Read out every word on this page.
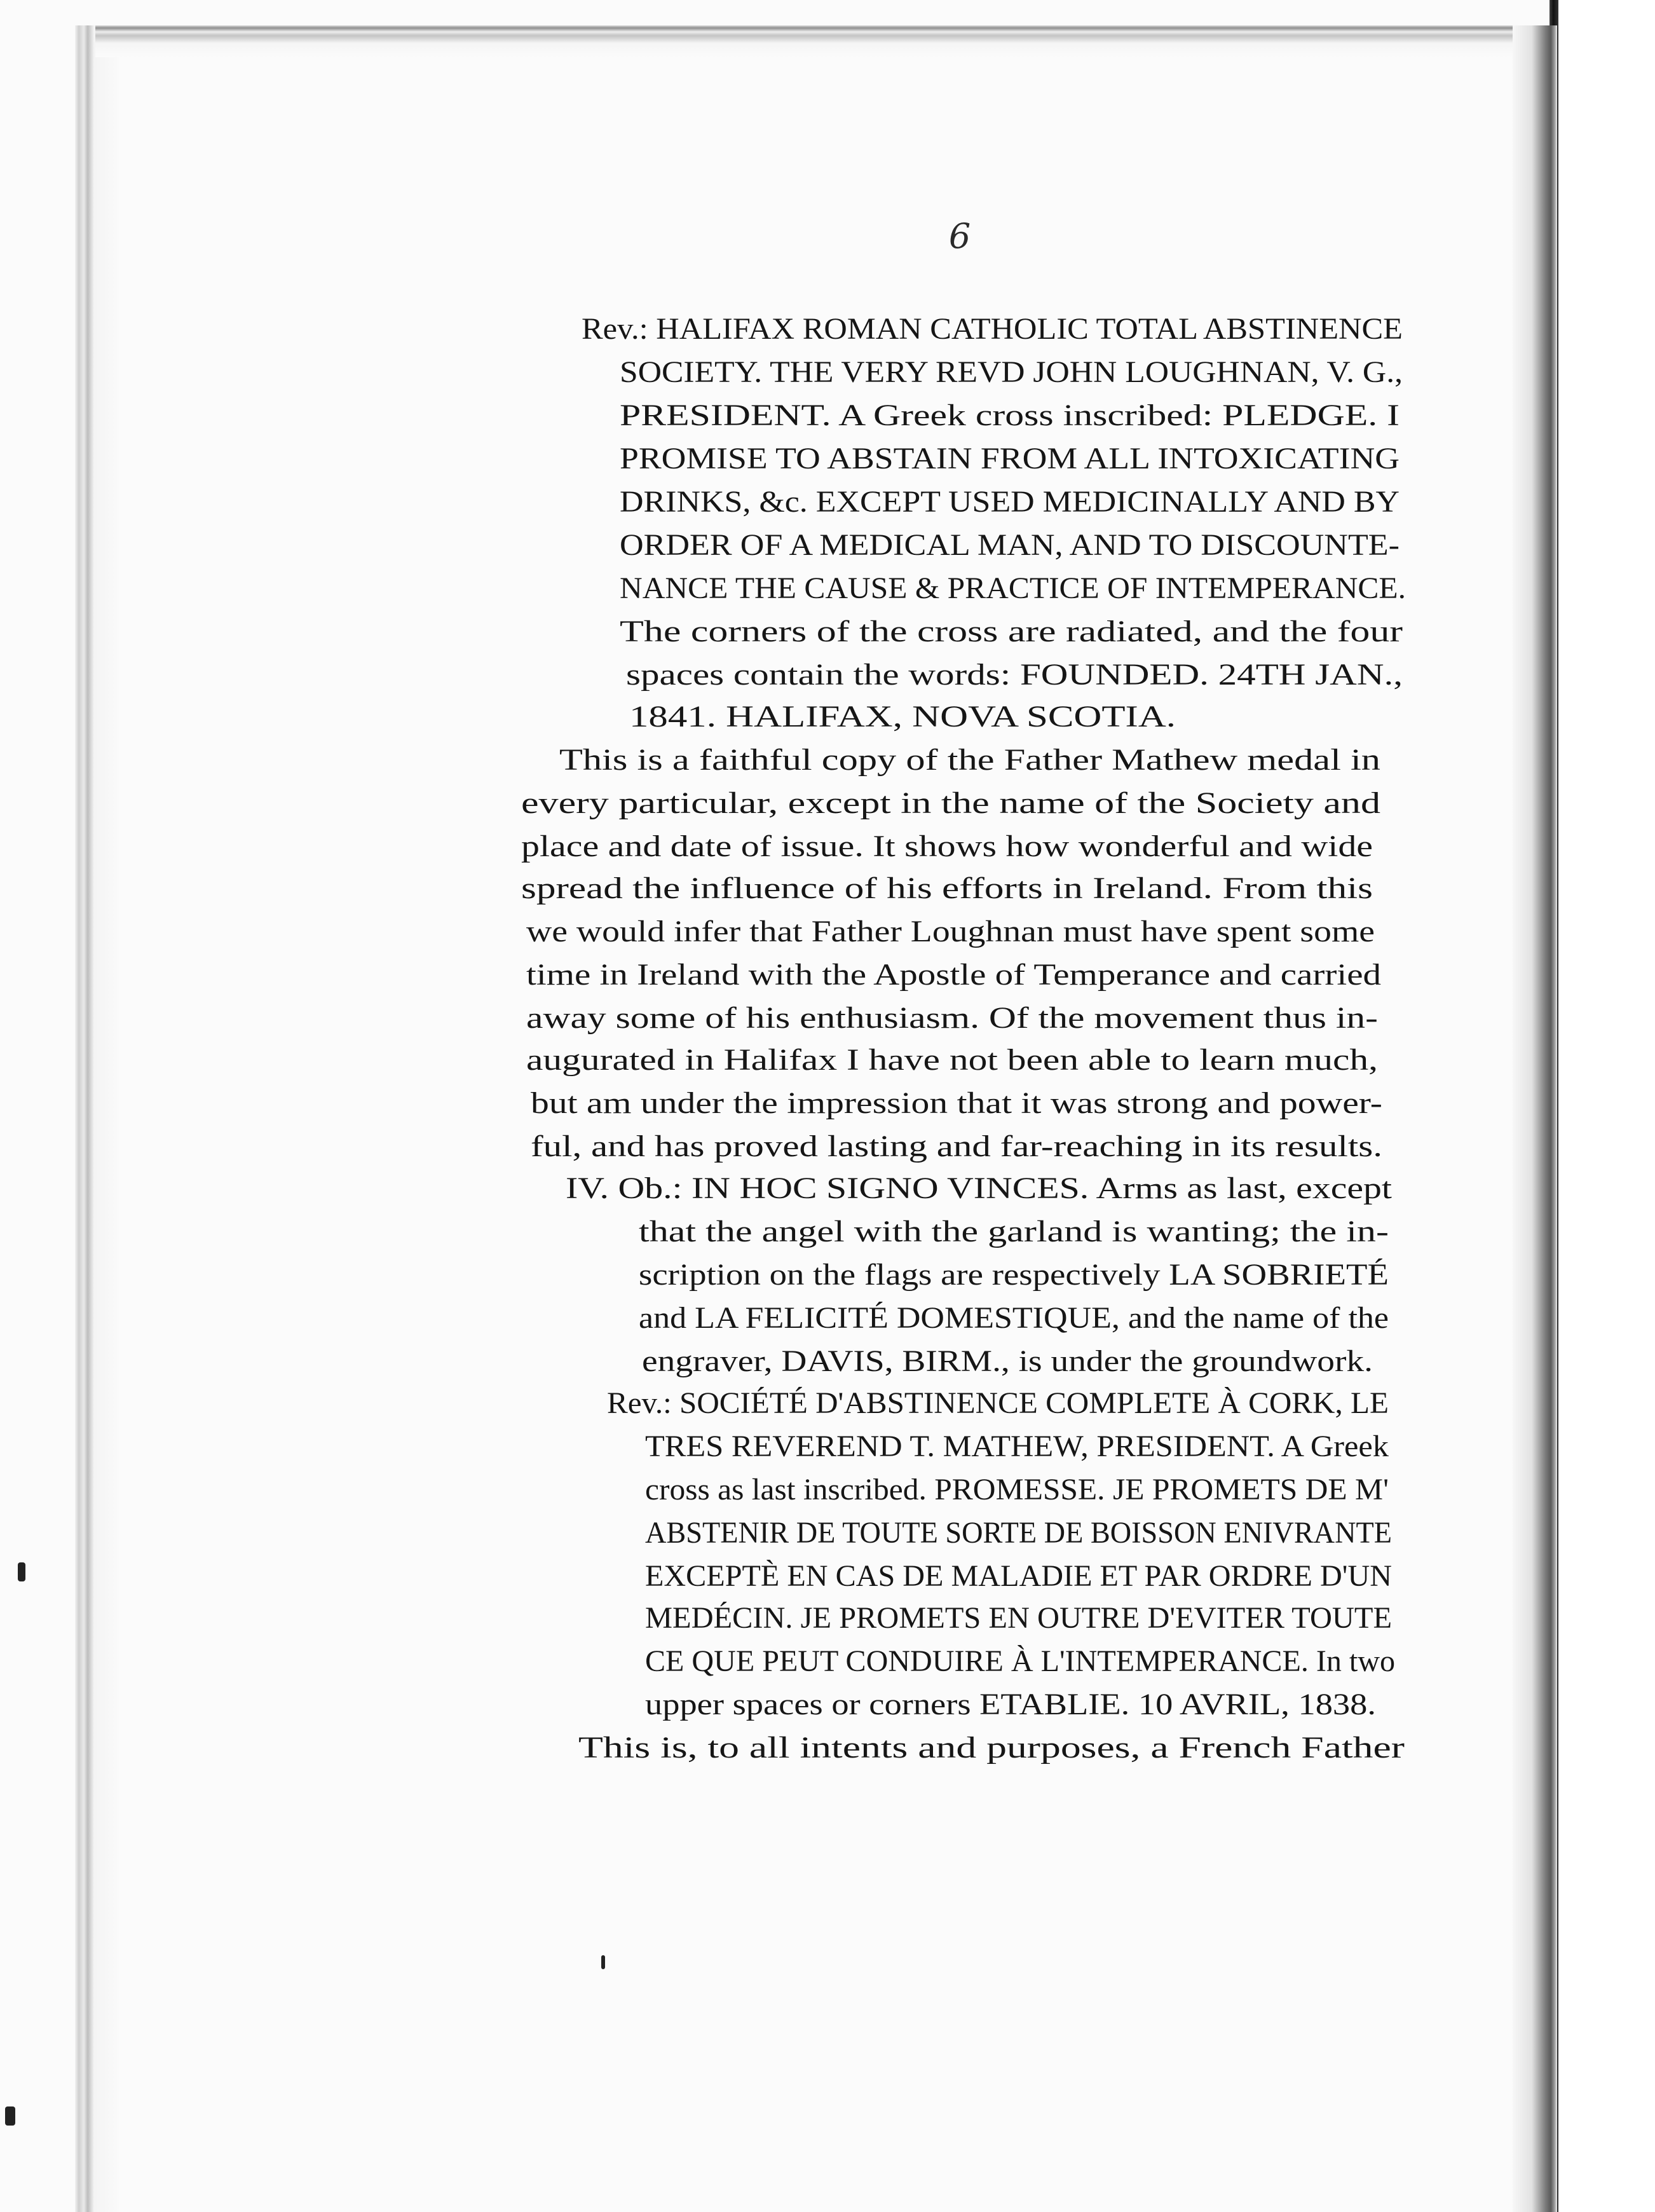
6
Rev.: HALIFAX ROMAN CATHOLIC TOTAL ABSTINENCE
SOCIETY. THE VERY REVD JOHN LOUGHNAN, V. G.,
PRESIDENT. A Greek cross inscribed: PLEDGE. I
PROMISE TO ABSTAIN FROM ALL INTOXICATING
DRINKS, &c. EXCEPT USED MEDICINALLY AND BY
ORDER OF A MEDICAL MAN, AND TO DISCOUNTE-
NANCE THE CAUSE & PRACTICE OF INTEMPERANCE.
The corners of the cross are radiated, and the four
spaces contain the words: FOUNDED. 24TH JAN.,
1841. HALIFAX, NOVA SCOTIA.
This is a faithful copy of the Father Mathew medal in
every particular, except in the name of the Society and
place and date of issue. It shows how wonderful and wide
spread the influence of his efforts in Ireland. From this
we would infer that Father Loughnan must have spent some
time in Ireland with the Apostle of Temperance and carried
away some of his enthusiasm. Of the movement thus in-
augurated in Halifax I have not been able to learn much,
but am under the impression that it was strong and power-
ful, and has proved lasting and far-reaching in its results.
IV. Ob.: IN HOC SIGNO VINCES. Arms as last, except
that the angel with the garland is wanting; the in-
scription on the flags are respectively LA SOBRIETÉ
and LA FELICITÉ DOMESTIQUE, and the name of the
engraver, DAVIS, BIRM., is under the groundwork.
Rev.: SOCIÉTÉ D'ABSTINENCE COMPLETE À CORK, LE
TRES REVEREND T. MATHEW, PRESIDENT. A Greek
cross as last inscribed. PROMESSE. JE PROMETS DE M'
ABSTENIR DE TOUTE SORTE DE BOISSON ENIVRANTE
EXCEPTÈ EN CAS DE MALADIE ET PAR ORDRE D'UN
MEDÉCIN. JE PROMETS EN OUTRE D'EVITER TOUTE
CE QUE PEUT CONDUIRE À L'INTEMPERANCE. In two
upper spaces or corners ETABLIE. 10 AVRIL, 1838.
This is, to all intents and purposes, a French Father
